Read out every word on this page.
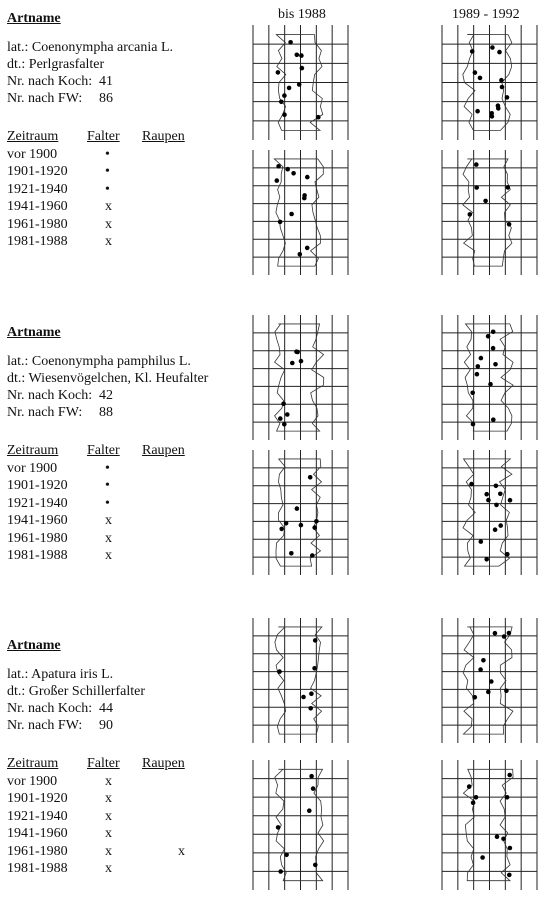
bis 1988	1989 - 1992
Artname
lat.: Coenonympha arcania L.
dt.: Perlgrasfalter
Nr. nach Koch: 41
Nr. nach FW: 86
Zeitraum	Falter	Raupen
vor 1900	•
1901-1920	•
1921-1940	•
1941-1960	x
1961-1980	x
1981-1988	x
Artname
lat.: Coenonympha pamphilus L.
dt.: Wiesenvögelchen, Kl. Heufalter
Nr. nach Koch: 42
Nr. nach FW: 88
Zeitraum	Falter	Raupen
vor 1900	•
1901-1920	•
1921-1940	•
1941-1960	x
1961-1980	x
1981-1988	x
Artname
lat.: Apatura iris L.
dt.: Großer Schillerfalter
Nr. nach Koch: 44
Nr. nach FW: 90
Zeitraum	Falter	Raupen
vor 1900	x
1901-1920	x
1921-1940	x
1941-1960	x
1961-1980	x	x
1981-1988	x
